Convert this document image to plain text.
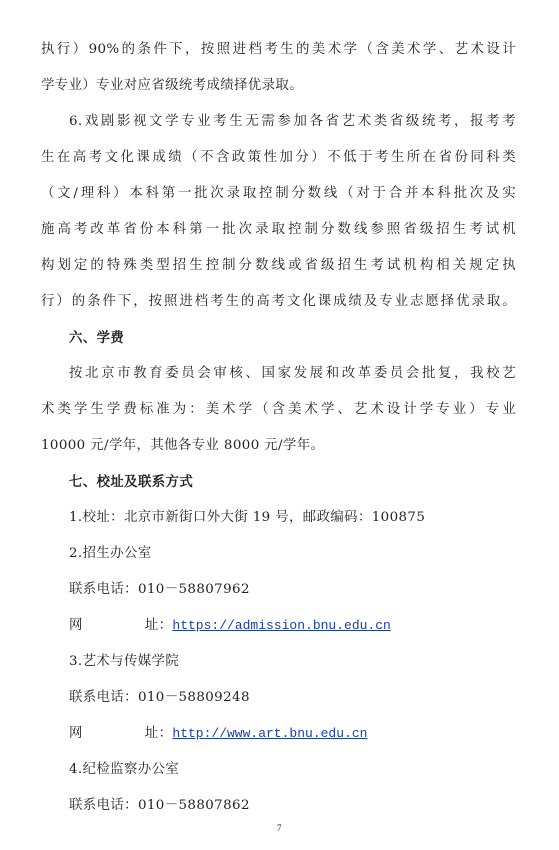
执行）90%的条件下，按照进档考生的美术学（含美术学、艺术设计
学专业）专业对应省级统考成绩择优录取。
6.戏剧影视文学专业考生无需参加各省艺术类省级统考，报考考
生在高考文化课成绩（不含政策性加分）不低于考生所在省份同科类
（文/理科）本科第一批次录取控制分数线（对于合并本科批次及实
施高考改革省份本科第一批次录取控制分数线参照省级招生考试机
构划定的特殊类型招生控制分数线或省级招生考试机构相关规定执
行）的条件下，按照进档考生的高考文化课成绩及专业志愿择优录取。
六、学费
按北京市教育委员会审核、国家发展和改革委员会批复，我校艺
术类学生学费标准为：美术学（含美术学、艺术设计学专业）专业
10000 元/学年，其他各专业 8000 元/学年。
七、校址及联系方式
1.校址：北京市新街口外大街 19 号，邮政编码：100875
2.招生办公室
联系电话：010－58807962
网	址：https://admission.bnu.edu.cn
3.艺术与传媒学院
联系电话：010－58809248
网	址：http://www.art.bnu.edu.cn
4.纪检监察办公室
联系电话：010－58807862
7
